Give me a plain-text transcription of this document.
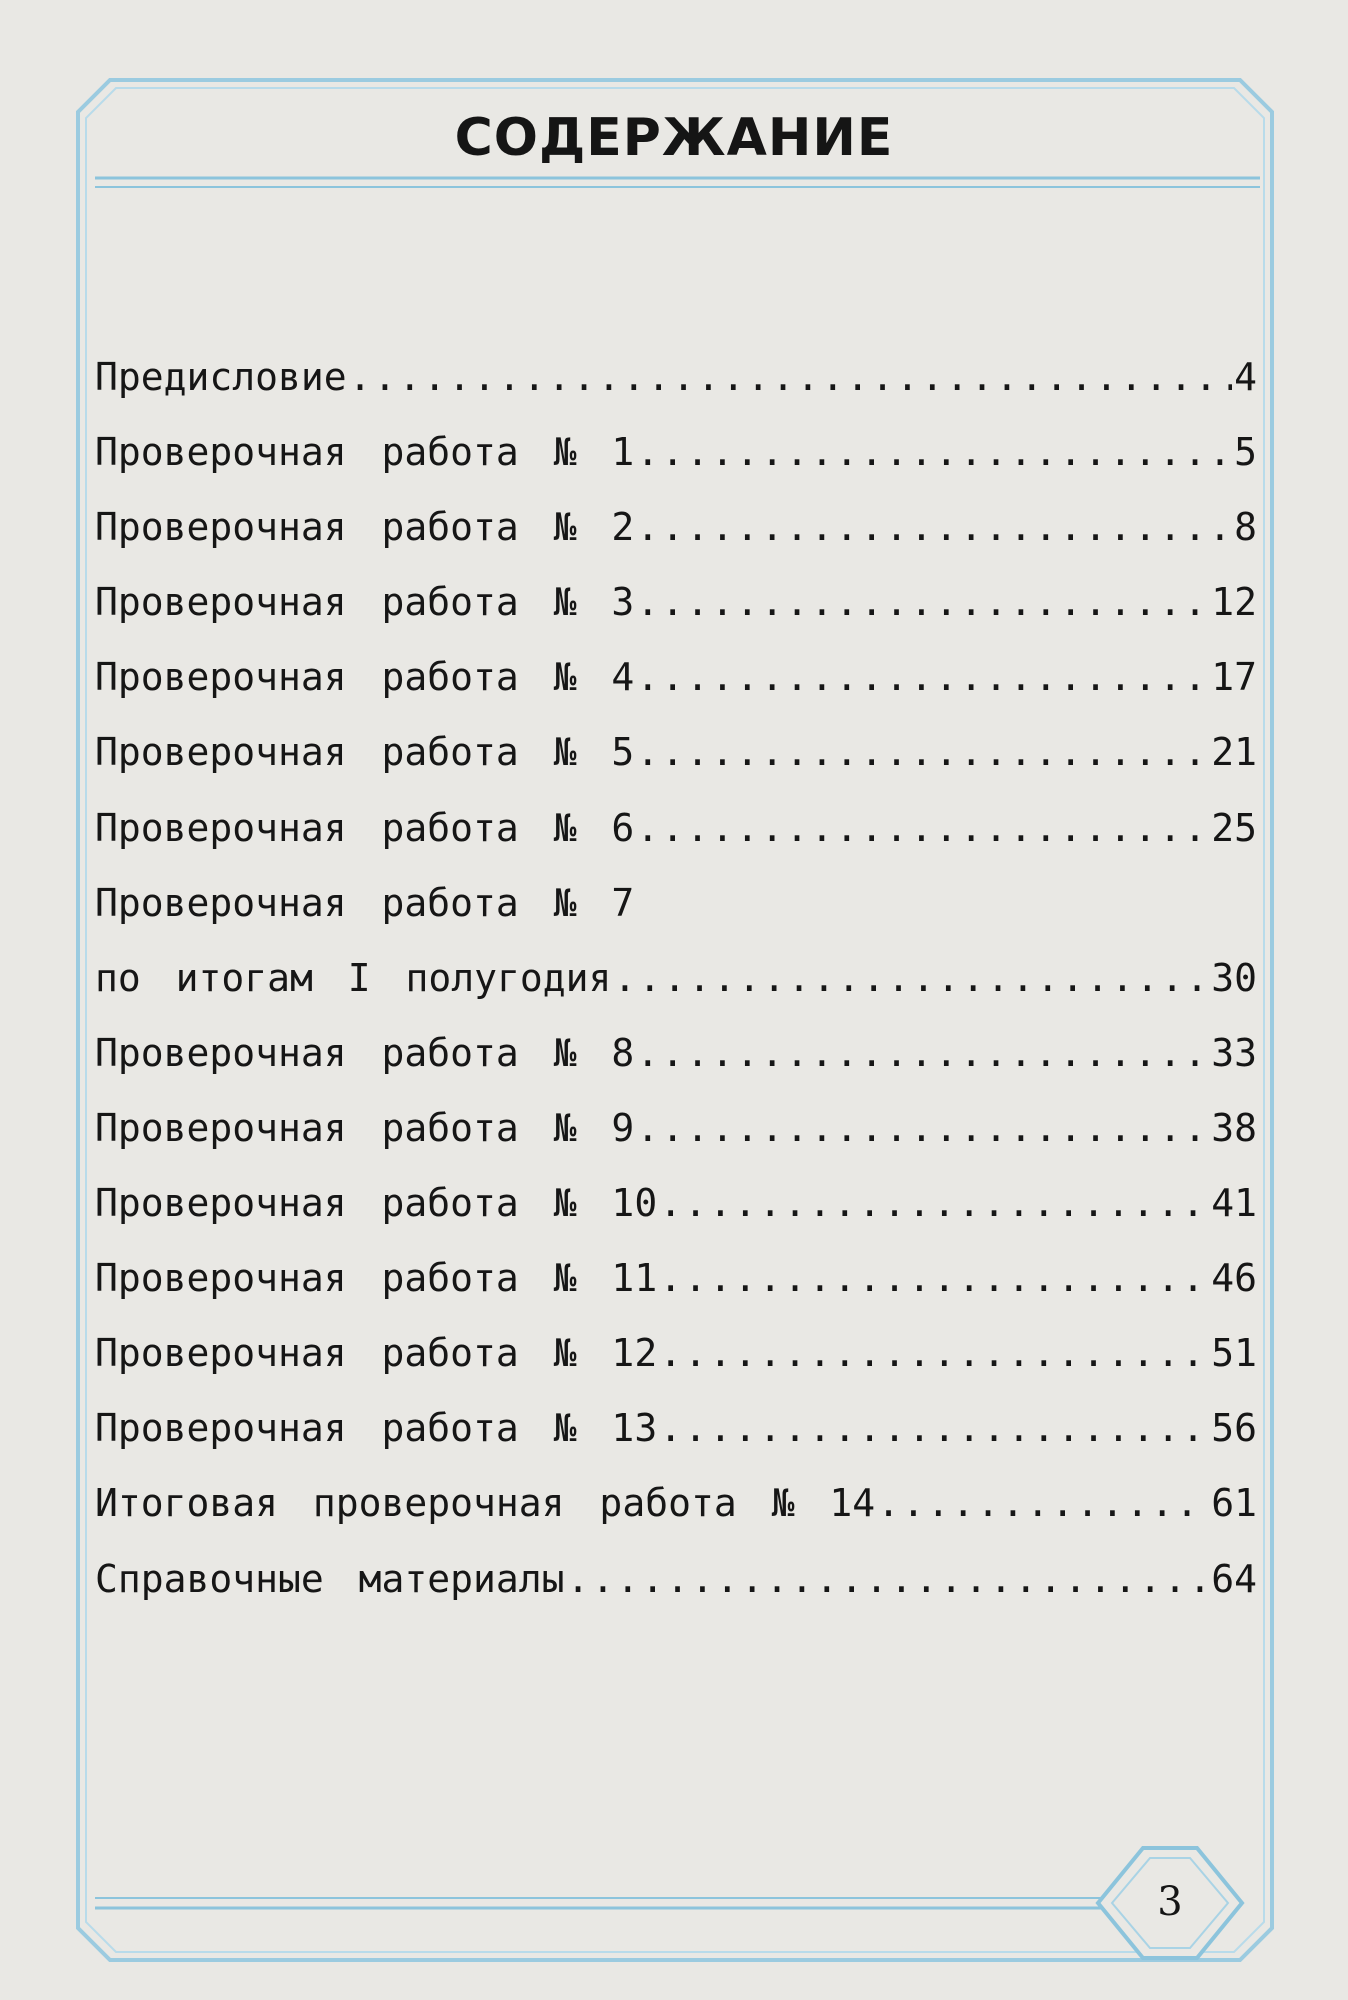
СОДЕРЖАНИЕ
Предисловие .....	4
Проверочная работа № 1 .....	5
Проверочная работа № 2 .....	8
Проверочная работа № 3 .....	12
Проверочная работа № 4 .....	17
Проверочная работа № 5 .....	21
Проверочная работа № 6 .....	25
Проверочная работа № 7
по итогам I полугодия .....	30
Проверочная работа № 8 .....	33
Проверочная работа № 9 .....	38
Проверочная работа № 10 .....	41
Проверочная работа № 11 .....	46
Проверочная работа № 12 .....	51
Проверочная работа № 13 .....	56
Итоговая проверочная работа № 14 .....	61
Справочные материалы .....	64
3
